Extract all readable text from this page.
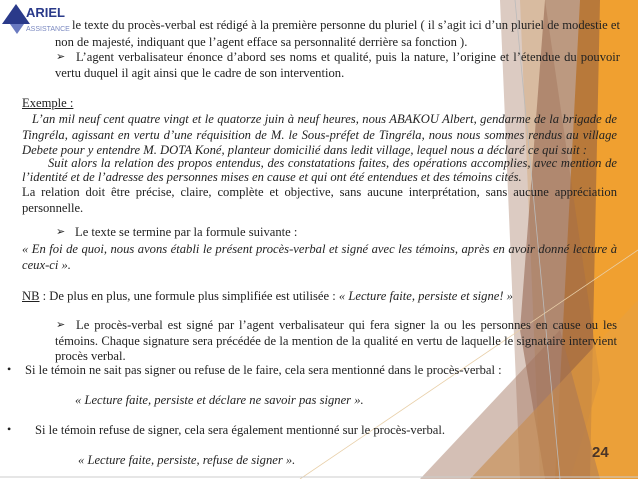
ARIEL
ASSISTANCE le texte du procès-verbal est rédigé à la première personne du pluriel ( il s’agit ici d’un pluriel de modestie et
non de majesté, indiquant que l’agent efface sa personnalité derrière sa fonction ).
➢ L’agent verbalisateur énonce d’abord ses noms et qualité, puis la nature, l’origine et l’étendue du pouvoir
vertu duquel il agit ainsi que le cadre de son intervention.
Exemple :
L’an mil neuf cent quatre vingt et le quatorze juin à neuf heures, nous ABAKOU Albert, gendarme de la brigade de
Tingréla, agissant en vertu d’une réquisition de M. le Sous-préfet de Tingréla, nous nous sommes rendus au village
Debete pour y entendre M. DOTA Koné, planteur domicilié dans ledit village, lequel nous a déclaré ce qui suit :
Suit alors la relation des propos entendus, des constatations faites, des opérations accomplies, avec mention de
l’identité et de l’adresse des personnes mises en cause et qui ont été entendues et des témoins cités.
La relation doit être précise, claire, complète et objective, sans aucune interprétation, sans aucune appréciation
personnelle.
➢ Le texte se termine par la formule suivante :
« En foi de quoi, nous avons établi le présent procès-verbal et signé avec les témoins, après en avoir donné lecture à
ceux-ci ».
NB : De plus en plus, une formule plus simplifiée est utilisée : « Lecture faite, persiste et signe! »
➢ Le procès-verbal est signé par l’agent verbalisateur qui fera signer la ou les personnes en cause ou les
témoins. Chaque signature sera précédée de la mention de la qualité en vertu de laquelle le signataire intervient
procès verbal.
• Si le témoin ne sait pas signer ou refuse de le faire, cela sera mentionné dans le procès-verbal :
« Lecture faite, persiste et déclare ne savoir pas signer ».
• Si le témoin refuse de signer, cela sera également mentionné sur le procès-verbal.
« Lecture faite, persiste, refuse de signer ».	24
